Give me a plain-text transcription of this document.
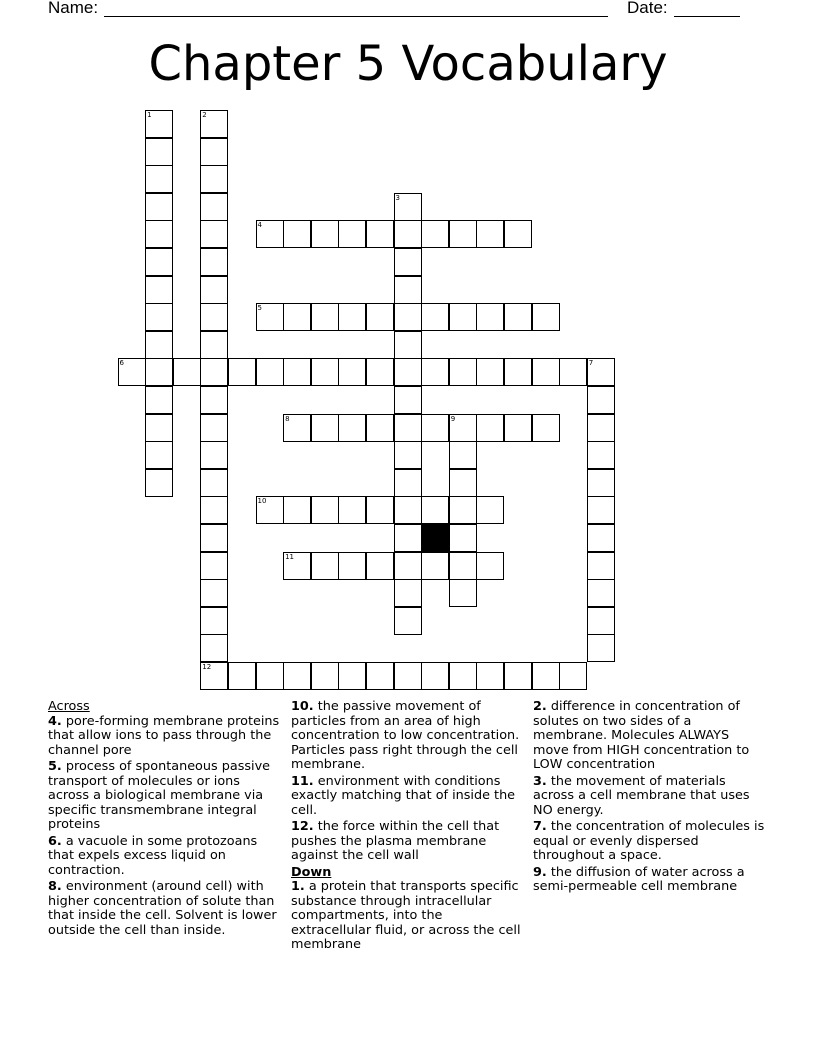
Name:	Date:
Chapter 5 Vocabulary
1	2
12
3
4
5
6	7
8	9
10
11
Across
4. pore-forming membrane proteins that allow ions to pass through the channel pore
5. process of spontaneous passive transport of molecules or ions across a biological membrane via specific transmembrane integral proteins
6. a vacuole in some protozoans that expels excess liquid on contraction.
8. environment (around cell) with higher concentration of solute than that inside the cell. Solvent is lower outside the cell than inside.
10. the passive movement of particles from an area of high concentration to low concentration. Particles pass right through the cell membrane.
11. environment with conditions exactly matching that of inside the cell.
12. the force within the cell that pushes the plasma membrane against the cell wall
Down
1. a protein that transports specific substance through intracellular compartments, into the extracellular fluid, or across the cell membrane
2. difference in concentration of solutes on two sides of a membrane. Molecules ALWAYS move from HIGH concentration to LOW concentration
3. the movement of materials across a cell membrane that uses NO energy.
7. the concentration of molecules is equal or evenly dispersed throughout a space.
9. the diffusion of water across a semi-permeable cell membrane
